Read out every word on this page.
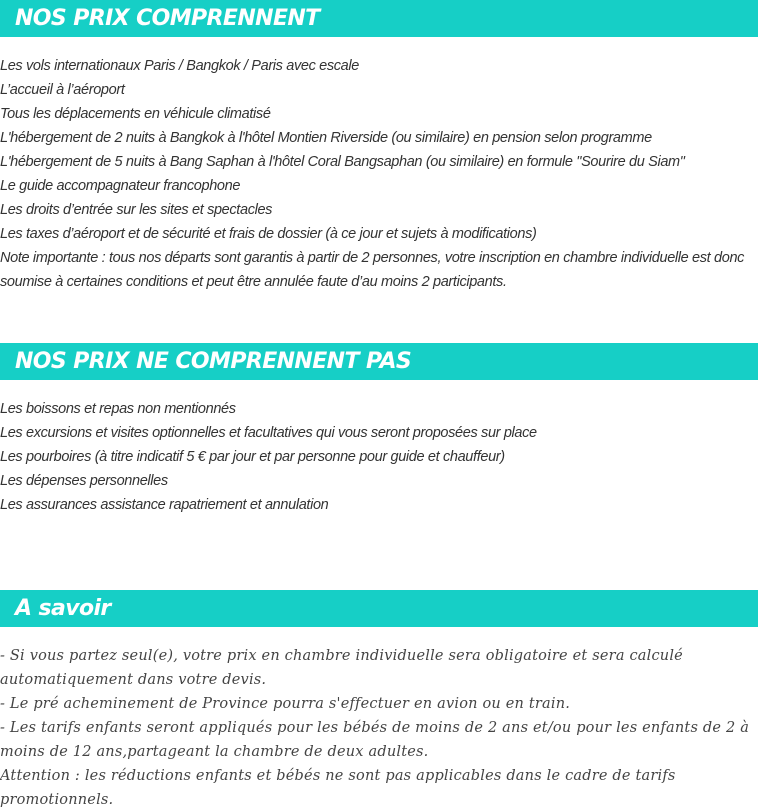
NOS PRIX COMPRENNENT
Les vols internationaux Paris / Bangkok / Paris avec escale
L’accueil à l’aéroport
Tous les déplacements en véhicule climatisé
L'hébergement de 2 nuits à Bangkok à l'hôtel Montien Riverside (ou similaire) en pension selon programme
L'hébergement de 5 nuits à Bang Saphan à l'hôtel Coral Bangsaphan (ou similaire) en formule "Sourire du Siam"
Le guide accompagnateur francophone
Les droits d’entrée sur les sites et spectacles
Les taxes d’aéroport et de sécurité et frais de dossier (à ce jour et sujets à modifications)
Note importante : tous nos départs sont garantis à partir de 2 personnes, votre inscription en chambre individuelle est donc soumise à certaines conditions et peut être annulée faute d’au moins 2 participants.
NOS PRIX NE COMPRENNENT PAS
Les boissons et repas non mentionnés
Les excursions et visites optionnelles et facultatives qui vous seront proposées sur place
Les pourboires (à titre indicatif 5 € par jour et par personne pour guide et chauffeur)
Les dépenses personnelles
Les assurances assistance rapatriement et annulation
A savoir
- Si vous partez seul(e), votre prix en chambre individuelle sera obligatoire et sera calculé automatiquement dans votre devis.
- Le pré acheminement de Province pourra s'effectuer en avion ou en train.
- Les tarifs enfants seront appliqués pour les bébés de moins de 2 ans et/ou pour les enfants de 2 à moins de 12 ans,partageant la chambre de deux adultes.
Attention : les réductions enfants et bébés ne sont pas applicables dans le cadre de tarifs promotionnels.
